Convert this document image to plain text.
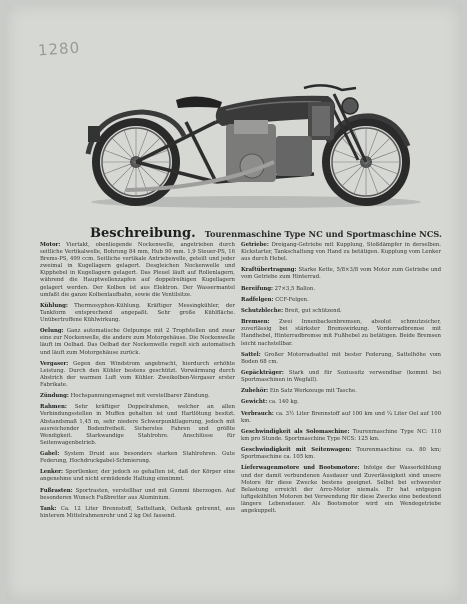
1280
Beschreibung. Tourenmaschine Type NC und Sportmaschine NCS.
Motor: Viertakt, obenliegende Nockenwelle, angetrieben durch seitliche Vertikalwelle, Bohrung 84 mm, Hub 90 mm. 1,9 Steuer-PS, 16 Brems-PS, 499 ccm. Seitliche vertikale Antriebswelle, geteilt und jeder zweimal in Kugellagern gelagert. Desgleichen Nockenwelle und Kipphebel in Kugellagern gelagert. Das Pleuel läuft auf Rollenlagern, während die Hauptwellenzapfen auf doppelreihigen Kugellagern gelagert werden. Der Kolben ist aus Elektron. Der Wassermantel umfaßt die ganze Kolbenlaufbahn, sowie die Ventilsitze.
Kühlung: Thermosyphon-Kühlung. Kräftiger Messingkühler, der Tankform entsprechend angepaßt. Sehr große Kühlfläche. Unübertroffene Kühlwirkung.
Oelung: Ganz automatische Oelpumpe mit 2 Tropfstellen und zwar eine zur Nockenwelle, die andere zum Motorgehäuse. Die Nockenwelle läuft im Oelbad. Das Oelbad der Nockenwelle regelt sich automatisch und läuft zum Motorgehäuse zurück.
Vergaser: Gegen den Windstrom angebracht, hierdurch erhöhte Leistung. Durch den Kühler bestens geschützt. Vorwärmung durch Abstrich der warmen Luft vom Kühler. Zweikolben-Vergaser erster Fabrikate.
Zündung: Hochspannungsmagnet mit verstellbarer Zündung.
Rahmen: Sehr kräftiger Doppelrahmen, welcher an allen Verbindungsstellen in Muffen gehalten ist und Hartlötung besitzt. Abstandsmaß 1,45 m, sehr niedere Schwerpunktlagerung, jedoch mit ausreichender Bodenfreiheit. Sicherstes Fahren und größte Wendigkeit. Starkwandige Stahlrohre. Anschlüsse für Seitenwagenbetrieb.
Gabel: System Druid aus besonders starken Stahlrohren. Gute Federung, Hochdruckgabel-Schmierung.
Lenker: Sportlenker, der jedoch so gehalten ist, daß der Körper eine angenehme und nicht ermüdende Haltung einnimmt.
Fußrasten: Sportrasten, verstellbar und mit Gummi überzogen. Auf besonderen Wunsch Fußbretter aus Aluminium.
Tank: Ca. 12 Liter Brennstoff, Satteltank, Oeltank getrennt, aus hinterem Mittelrahmenrohr und 2 kg Oel fassend.
Getriebe: Dreigang-Getriebe mit Kupplung, Stoßdämpfer in derselben. Kickstarter, Tankschaltung von Hand zu betätigen. Kupplung vom Lenker aus durch Hebel.
Kraftübertragung: Starke Kette, 5/8×3/8 vom Motor zum Getriebe und vom Getriebe zum Hinterrad.
Bereifung: 27×3,5 Ballon.
Radfelgen: CCF-Felgen.
Schutzbleche: Breit, gut schützend.
Bremsen: Zwei Innenbackenbremsen, absolut schmutzsicher, zuverlässig bei stärkster Bremswirkung. Vorderradbremse mit Handhebel, Hinterradbremse mit Fußhebel zu betätigen. Beide Bremsen leicht nachstellbar.
Sattel: Großer Motorradsattel mit bester Federung, Sattelhöhe vom Boden 68 cm.
Gepäckträger: Stark und für Soziussitz verwendbar (kommt bei Sportmaschinen in Wegfall).
Zubehör: Ein Satz Werkzeuge mit Tasche.
Gewicht: ca. 140 kg.
Verbrauch: ca. 3½ Liter Brennstoff auf 100 km und ¼ Liter Oel auf 100 km.
Geschwindigkeit als Solomaschine: Tourenmaschine Type NC: 110 km pro Stunde. Sportmaschine Type NCS: 125 km.
Geschwindigkeit mit Seitenwagen: Tourenmaschine ca. 80 km; Sportmaschine ca. 105 km.
Lieferwagenmotore und Bootsmotore: Infolge der Wasserkühlung und der damit verbundenen Ausdauer und Zuverlässigkeit sind unsere Motore für diese Zwecke bestens geeignet. Selbst bei schwerster Belastung erreicht der Arro-Motor niemals. Er hat entgegen luftgekühlten Motoren bei Verwendung für diese Zwecke eine bedeutend längere Lebensdauer. Als Bootsmotor wird ein Wendegetriebe angekuppelt.
